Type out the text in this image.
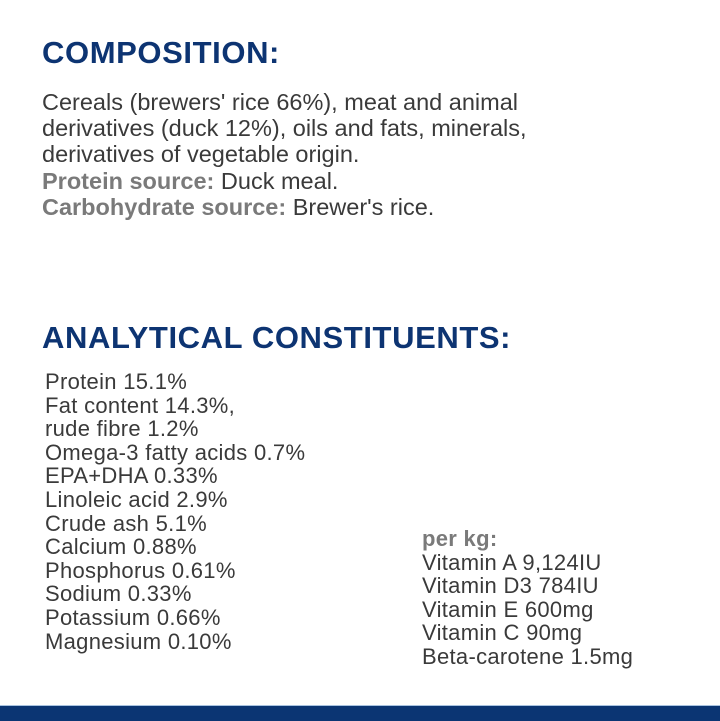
COMPOSITION:
Cereals (brewers' rice 66%), meat and animal
derivatives (duck 12%), oils and fats, minerals,
derivatives of vegetable origin.
Protein source: Duck meal.
Carbohydrate source: Brewer's rice.
ANALYTICAL CONSTITUENTS:
Protein 15.1%
Fat content 14.3%,
rude fibre 1.2%
Omega-3 fatty acids 0.7%
EPA+DHA 0.33%
Linoleic acid 2.9%
Crude ash 5.1%
Calcium 0.88%
Phosphorus 0.61%
Sodium 0.33%
Potassium 0.66%
Magnesium 0.10%
per kg:
Vitamin A 9,124IU
Vitamin D3 784IU
Vitamin E 600mg
Vitamin C 90mg
Beta-carotene 1.5mg
